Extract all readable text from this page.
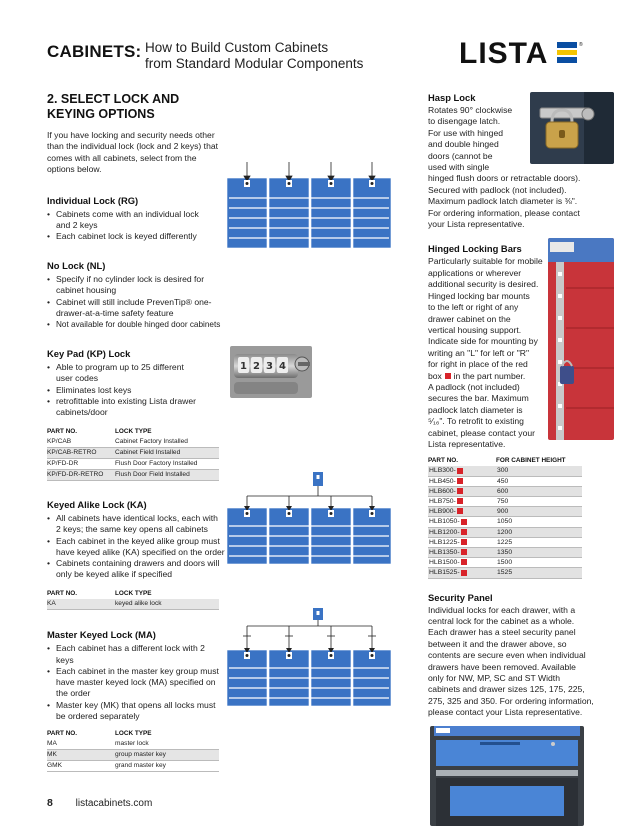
CABINETS: How to Build Custom Cabinets
from Standard Modular Components	LISTA	®
2. SELECT LOCK AND
KEYING OPTIONS

If you have locking and security needs other than the individual lock (lock and 2 keys) that comes with all cabinets, select from the options below.

Individual Lock (RG)
• Cabinets come with an individual lock and 2 keys
• Each cabinet lock is keyed differently
No Lock (NL)
• Specify if no cylinder lock is desired for cabinet housing
• Cabinet will still include PrevenTip® one-drawer-at-a-time safety feature
• Not available for double hinged door cabinets
Key Pad (KP) Lock
• Able to program up to 25 different user codes
• Eliminates lost keys
• retrofittable into existing Lista drawer cabinets/door
PART NO.	LOCK TYPE
KP/CAB	Cabinet Factory Installed
KP/CAB-RETRO	Cabinet Field Installed
KP/FD-DR	Flush Door Factory Installed
KP/FD-DR-RETRO	Flush Door Field Installed
Keyed Alike Lock (KA)
• All cabinets have identical locks, each with 2 keys; the same key opens all cabinets
• Each cabinet in the keyed alike group must have keyed alike (KA) specified on the order
• Cabinets containing drawers and doors will only be keyed alike if specified
PART NO.	LOCK TYPE
KA	keyed alike lock
Master Keyed Lock (MA)
• Each cabinet has a different lock with 2 keys
• Each cabinet in the master key group must have master keyed lock (MA) specified on the order
• Master key (MK) that opens all locks must be ordered separately
PART NO.	LOCK TYPE
MA	master lock
MK	group master key
GMK	grand master key
1 2 3 4
Hasp Lock
Rotates 90° clockwise
to disengage latch.
For use with hinged
and double hinged
doors (cannot be
used with single
hinged flush doors or retractable doors).
Secured with padlock (not included).
Maximum padlock latch diameter is ⅜".
For ordering information, please contact
your Lista representative.
Hinged Locking Bars
Particularly suitable for mobile
applications or wherever
additional security is desired.
Hinged locking bar mounts
to the left or right of any
drawer cabinet on the
vertical housing support.
Indicate side for mounting by
writing an "L" for left or "R"
for right in place of the red
box in the part number.
A padlock (not included)
secures the bar. Maximum
padlock latch diameter is
⁵⁄₁₆". To retrofit to existing
cabinet, please contact your
Lista representative.
PART NO.	FOR CABINET HEIGHT
HLB300-	300
HLB450-	450
HLB600-	600
HLB750-	750
HLB900-	900
HLB1050-	1050
HLB1200-	1200
HLB1225-	1225
HLB1350-	1350
HLB1500-	1500
HLB1525-	1525
Security Panel
Individual locks for each drawer, with a
central lock for the cabinet as a whole.
Each drawer has a steel security panel
between it and the drawer above, so
contents are secure even when individual
drawers have been removed. Available
only for NW, MP, SC and ST Width
cabinets and drawer sizes 125, 175, 225,
275, 325 and 350. For ordering information,
please contact your Lista representative.
8 listacabinets.com
